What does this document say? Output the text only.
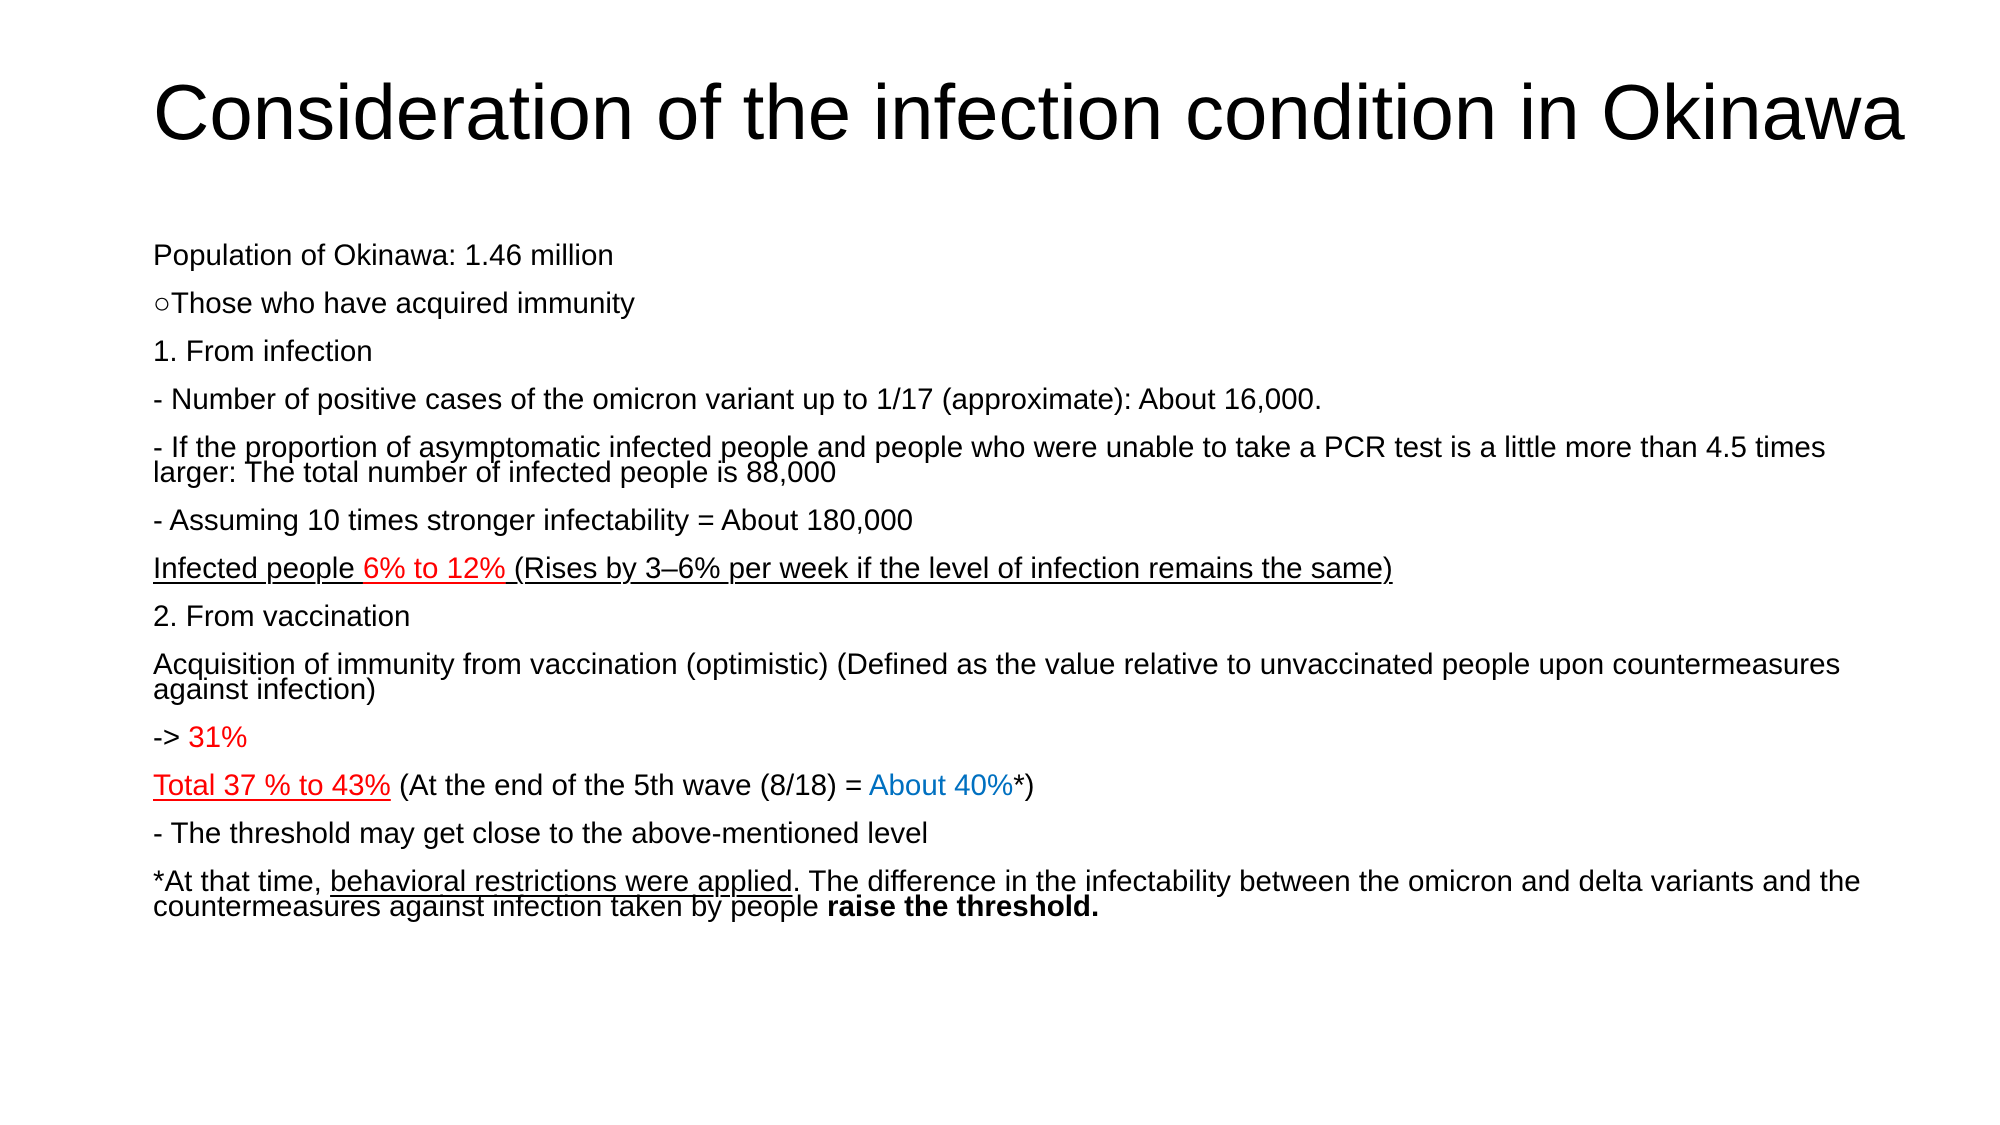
Consideration of the infection condition in Okinawa

Population of Okinawa: 1.46 million

○Those who have acquired immunity

1. From infection

- Number of positive cases of the omicron variant up to 1/17 (approximate): About 16,000.

- If the proportion of asymptomatic infected people and people who were unable to take a PCR test is a little more than 4.5 times larger: The total number of infected people is 88,000

- Assuming 10 times stronger infectability = About 180,000

Infected people 6% to 12% (Rises by 3–6% per week if the level of infection remains the same)

2. From vaccination

Acquisition of immunity from vaccination (optimistic) (Defined as the value relative to unvaccinated people upon countermeasures against infection)

-> 31%

Total 37 % to 43% (At the end of the 5th wave (8/18) = About 40%*)

- The threshold may get close to the above-mentioned level

*At that time, behavioral restrictions were applied. The difference in the infectability between the omicron and delta variants and the countermeasures against infection taken by people raise the threshold.
